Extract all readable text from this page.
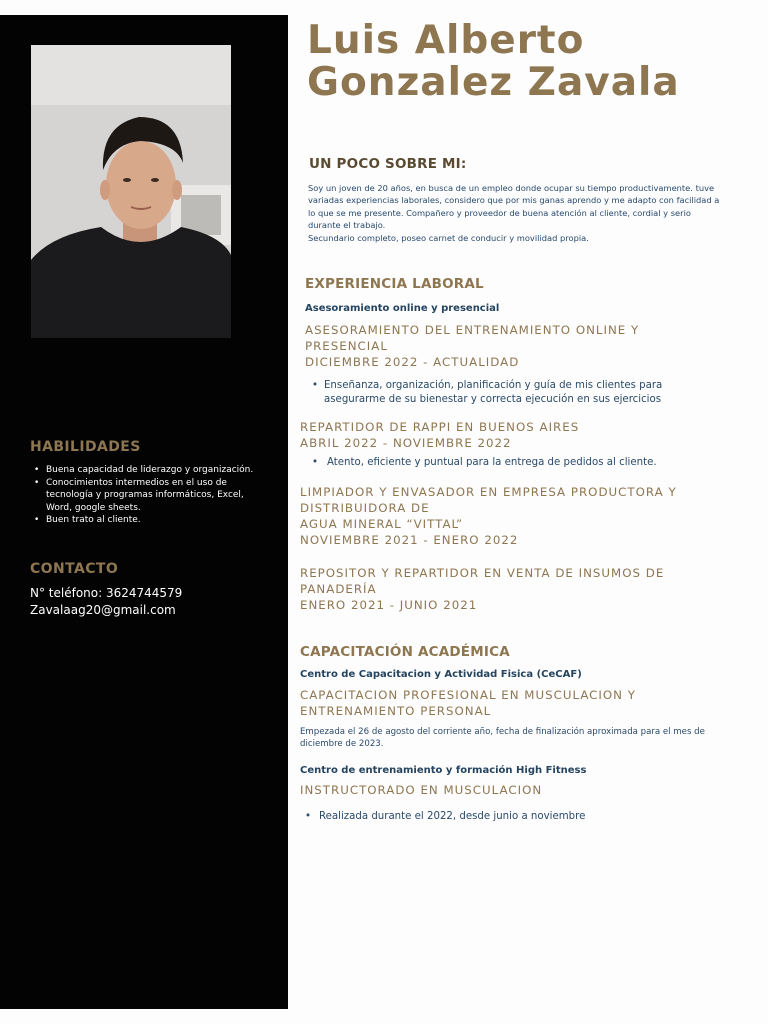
HABILIDADES
• Buena capacidad de liderazgo y organización.
• Conocimientos intermedios en el uso de tecnología y programas informáticos, Excel, Word, google sheets.
• Buen trato al cliente.
CONTACTO
N° teléfono: 3624744579
Zavalaag20@gmail.com
Luis Alberto
Gonzalez Zavala
UN POCO SOBRE MI:
Soy un joven de 20 años, en busca de un empleo donde ocupar su tiempo productivamente. tuve variadas experiencias laborales, considero que por mis ganas aprendo y me adapto con facilidad a lo que se me presente. Compañero y proveedor de buena atención al cliente, cordial y serio durante el trabajo.
Secundario completo, poseo carnet de conducir y movilidad propia.
EXPERIENCIA LABORAL
Asesoramiento online y presencial
ASESORAMIENTO DEL ENTRENAMIENTO ONLINE Y PRESENCIAL
DICIEMBRE 2022 - ACTUALIDAD
• Enseñanza, organización, planificación y guía de mis clientes para asegurarme de su bienestar y correcta ejecución en sus ejercicios
REPARTIDOR DE RAPPI EN BUENOS AIRES
ABRIL 2022 - NOVIEMBRE 2022
• Atento, eficiente y puntual para la entrega de pedidos al cliente.
LIMPIADOR Y ENVASADOR EN EMPRESA PRODUCTORA Y DISTRIBUIDORA DE
AGUA MINERAL “VITTAL”
NOVIEMBRE 2021 - ENERO 2022
REPOSITOR Y REPARTIDOR EN VENTA DE INSUMOS DE PANADERÍA
ENERO 2021 - JUNIO 2021
CAPACITACIÓN ACADÉMICA
Centro de Capacitacion y Actividad Fisica (CeCAF)
CAPACITACION PROFESIONAL EN MUSCULACION Y ENTRENAMIENTO PERSONAL
Empezada el 26 de agosto del corriente año, fecha de finalización aproximada para el mes de diciembre de 2023.
Centro de entrenamiento y formación High Fitness
INSTRUCTORADO EN MUSCULACION
• Realizada durante el 2022, desde junio a noviembre
